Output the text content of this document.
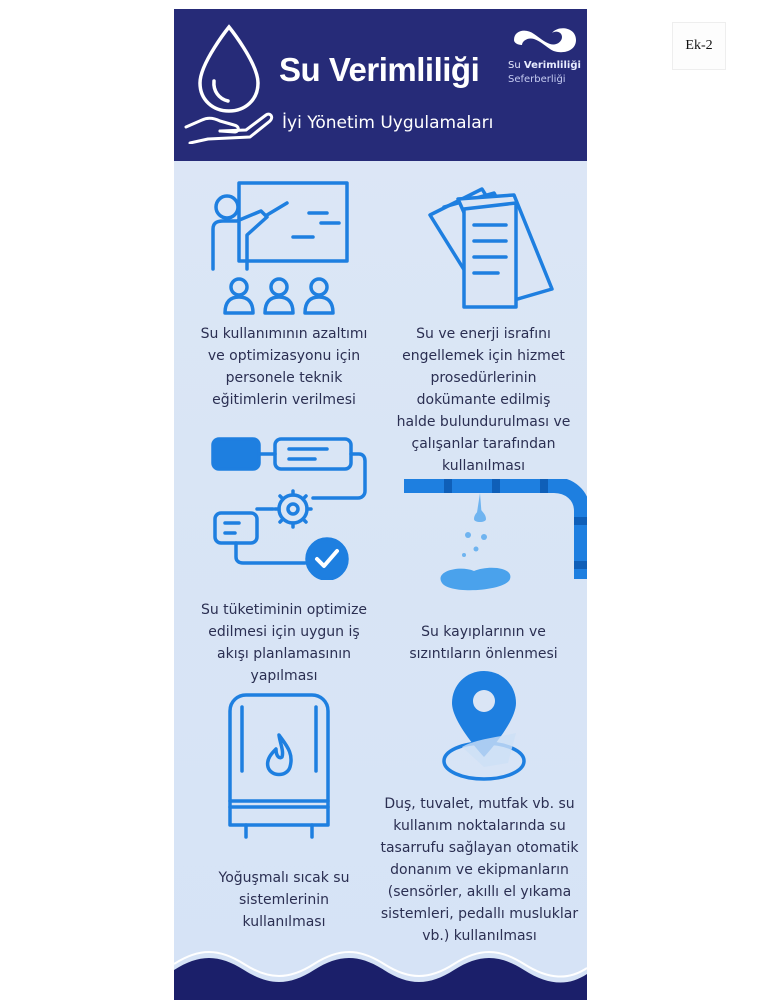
Ek-2
Su Verimliliği
İyi Yönetim Uygulamaları
Su Verimliliği
Seferberliği
Su kullanımının azaltımı
ve optimizasyonu için
personele teknik
eğitimlerin verilmesi
Su ve enerji israfını
engellemek için hizmet
prosedürlerinin
dokümante edilmiş
halde bulundurulması ve
çalışanlar tarafından
kullanılması
Su tüketiminin optimize
edilmesi için uygun iş
akışı planlamasının
yapılması
Su kayıplarının ve
sızıntıların önlenmesi
Yoğuşmalı sıcak su
sistemlerinin
kullanılması
Duş, tuvalet, mutfak vb. su
kullanım noktalarında su
tasarrufu sağlayan otomatik
donanım ve ekipmanların
(sensörler, akıllı el yıkama
sistemleri, pedallı musluklar
vb.) kullanılması
